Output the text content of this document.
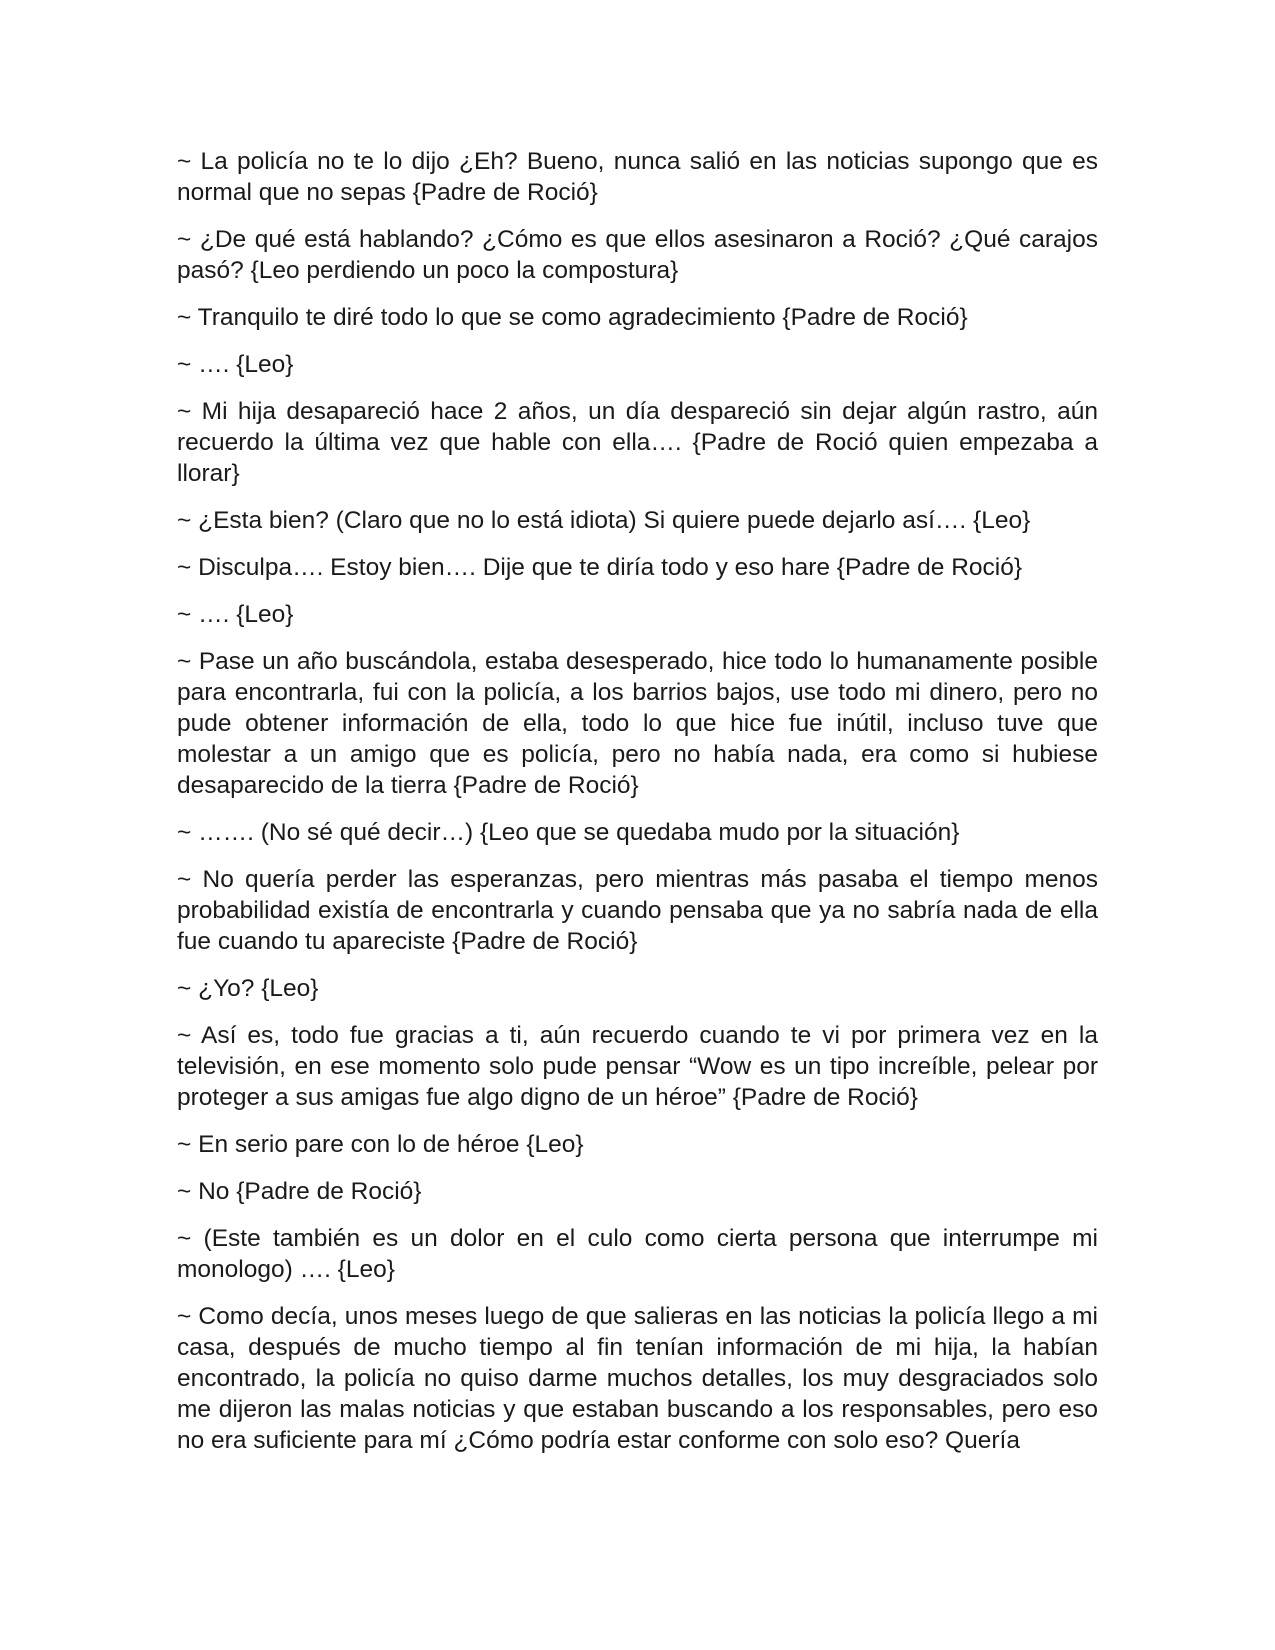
~ La policía no te lo dijo ¿Eh? Bueno, nunca salió en las noticias supongo que es normal que no sepas {Padre de Roció}

~ ¿De qué está hablando? ¿Cómo es que ellos asesinaron a Roció? ¿Qué carajos pasó? {Leo perdiendo un poco la compostura}

~ Tranquilo te diré todo lo que se como agradecimiento {Padre de Roció}

~ …. {Leo}

~ Mi hija desapareció hace 2 años, un día despareció sin dejar algún rastro, aún recuerdo la última vez que hable con ella…. {Padre de Roció quien empezaba a llorar}

~ ¿Esta bien? (Claro que no lo está idiota) Si quiere puede dejarlo así…. {Leo}

~ Disculpa…. Estoy bien…. Dije que te diría todo y eso hare {Padre de Roció}

~ …. {Leo}

~ Pase un año buscándola, estaba desesperado, hice todo lo humanamente posible para encontrarla, fui con la policía, a los barrios bajos, use todo mi dinero, pero no pude obtener información de ella, todo lo que hice fue inútil, incluso tuve que molestar a un amigo que es policía, pero no había nada, era como si hubiese desaparecido de la tierra {Padre de Roció}

~ ……. (No sé qué decir…) {Leo que se quedaba mudo por la situación}

~ No quería perder las esperanzas, pero mientras más pasaba el tiempo menos probabilidad existía de encontrarla y cuando pensaba que ya no sabría nada de ella fue cuando tu apareciste {Padre de Roció}

~ ¿Yo? {Leo}

~ Así es, todo fue gracias a ti, aún recuerdo cuando te vi por primera vez en la televisión, en ese momento solo pude pensar “Wow es un tipo increíble, pelear por proteger a sus amigas fue algo digno de un héroe” {Padre de Roció}

~ En serio pare con lo de héroe {Leo}

~ No {Padre de Roció}

~ (Este también es un dolor en el culo como cierta persona que interrumpe mi monologo) …. {Leo}

~ Como decía, unos meses luego de que salieras en las noticias la policía llego a mi casa, después de mucho tiempo al fin tenían información de mi hija, la habían encontrado, la policía no quiso darme muchos detalles, los muy desgraciados solo me dijeron las malas noticias y que estaban buscando a los responsables, pero eso no era suficiente para mí ¿Cómo podría estar conforme con solo eso? Quería
